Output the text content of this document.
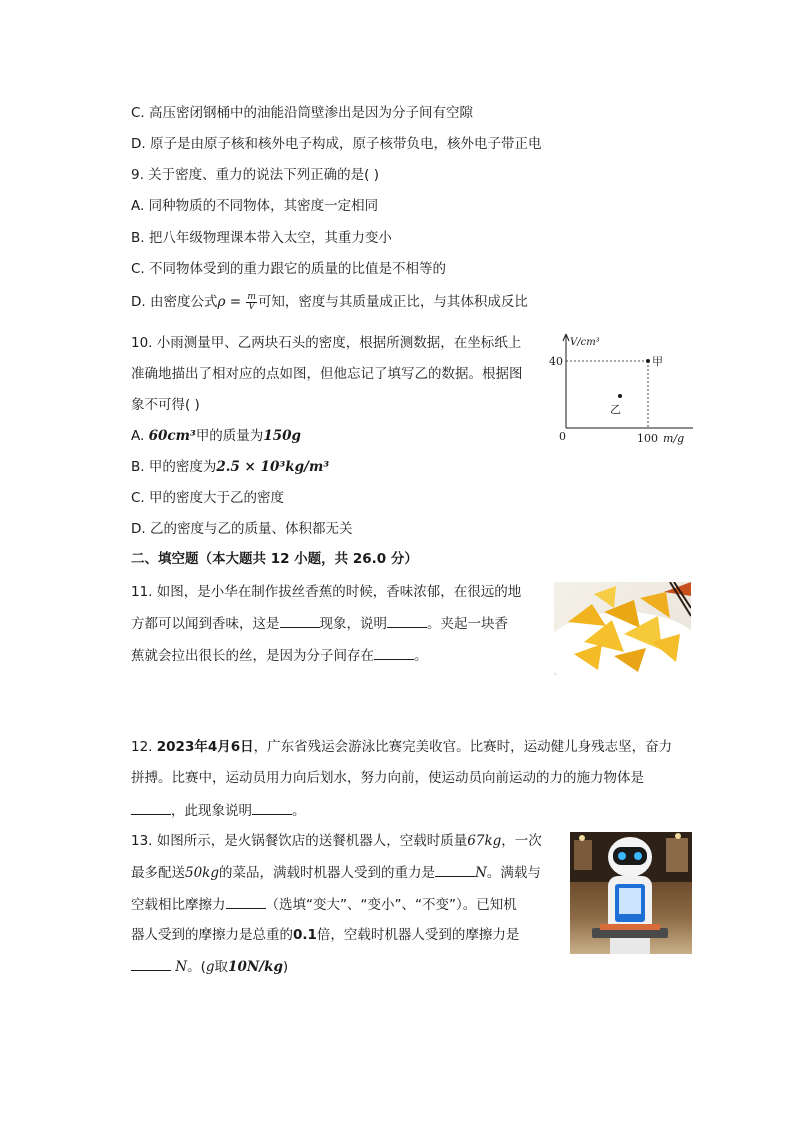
C. 高压密闭钢桶中的油能沿筒壁渗出是因为分子间有空隙
D. 原子是由原子核和核外电子构成，原子核带负电，核外电子带正电
9. 关于密度、重力的说法下列正确的是( )
A. 同种物质的不同物体，其密度一定相同
B. 把八年级物理课本带入太空，其重力变小
C. 不同物体受到的重力跟它的质量的比值是不相等的
D. 由密度公式$\rho = \frac{m}{V}$ 可知，密度与其质量成正比，与其体积成反比
10. 小雨测量甲、乙两块石头的密度，根据所测数据，在坐标纸上
准确地描出了相对应的点如图，但他忘记了填写乙的数据。根据图
象不可得( )
A. 60cm³甲的质量为150g
B. 甲的密度为2.5 × 10³kg/m³
C. 甲的密度大于乙的密度
D. 乙的密度与乙的质量、体积都无关
V/cm³
40
0	100 m/g
甲
乙
二、填空题（本大题共 12 小题，共 26.0 分）
11. 如图，是小华在制作拔丝香蕉的时候，香味浓郁，在很远的地
方都可以闻到香味，这是	现象，说明	。夹起一块香
蕉就会拉出很长的丝，是因为分子间存在	。
12. 2023年4月6日，广东省残运会游泳比赛完美收官。比赛时，运动健儿身残志坚，奋力
拼搏。比赛中，运动员用力向后划水，努力向前，使运动员向前运动的力的施力物体是
，此现象说明	。
13. 如图所示，是火锅餐饮店的送餐机器人，空载时质量67kg，一次
最多配送50kg的菜品，满载时机器人受到的重力是	N。满载与
空载相比摩擦力	（选填“变大”、“变小”、“不变”）。已知机
器人受到的摩擦力是总重的0.1倍，空载时机器人受到的摩擦力是
N。(g取10N/kg)
